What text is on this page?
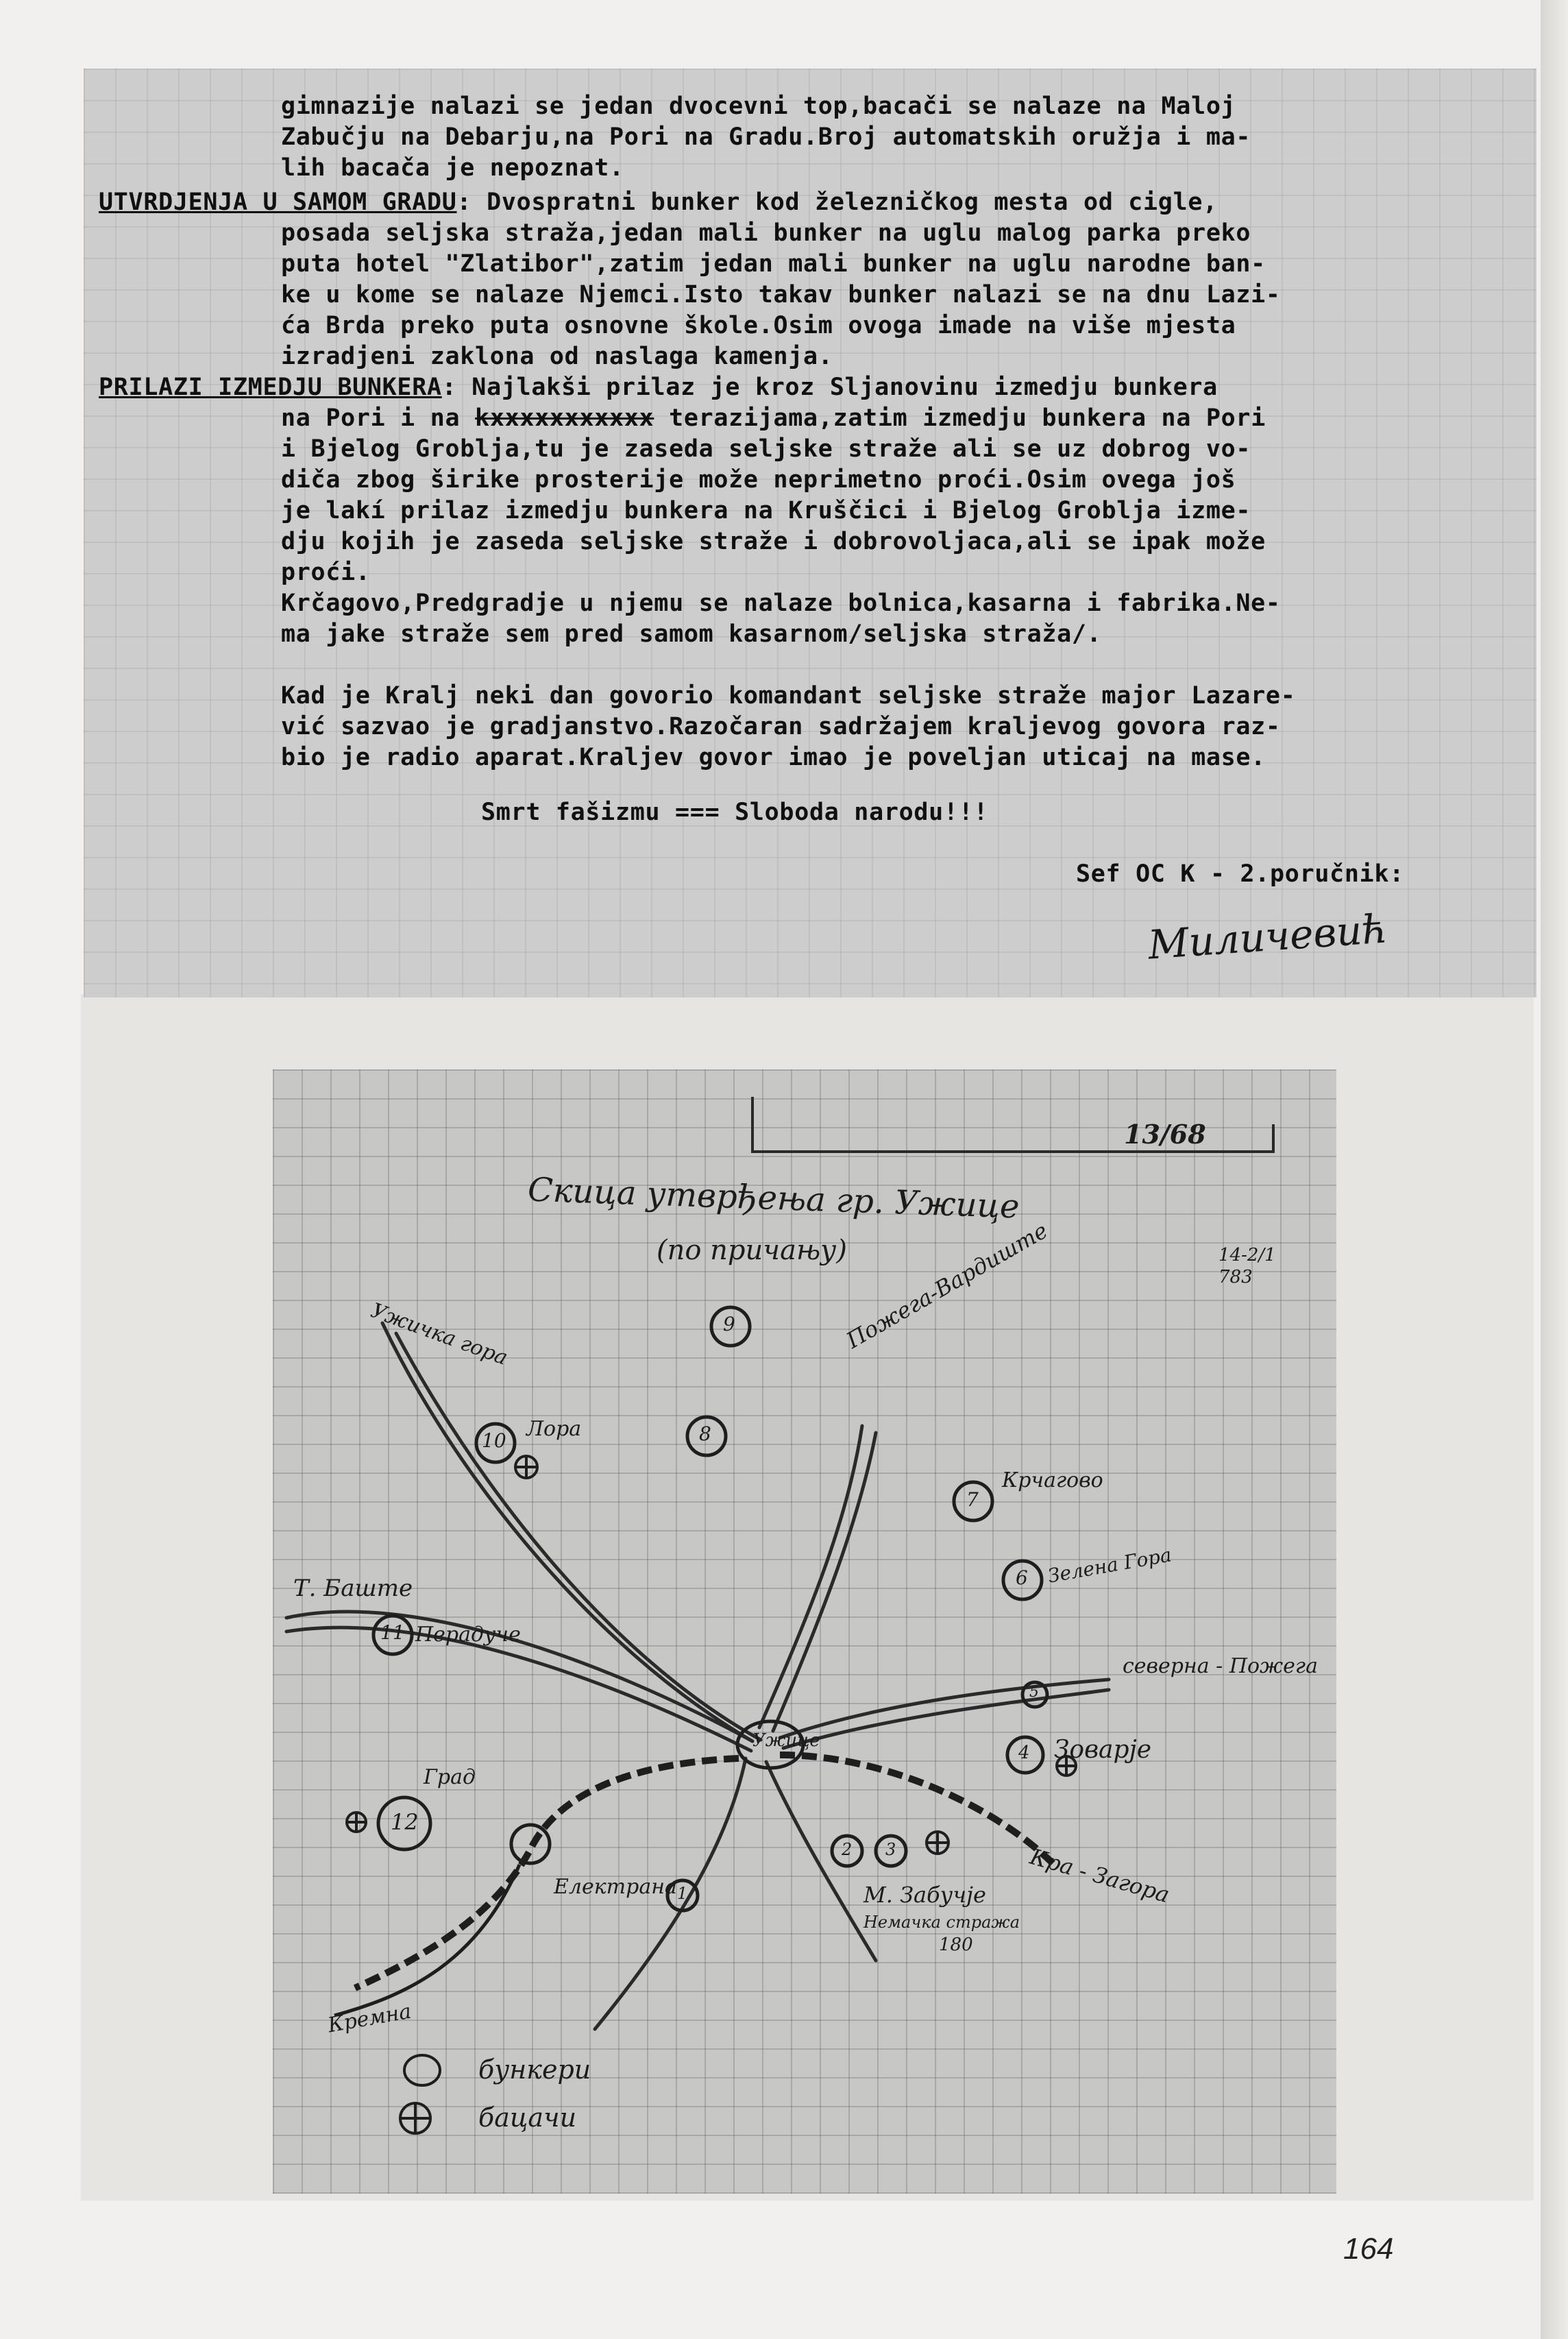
gimnazije nalazi se jedan dvocevni top,bacači se nalaze na Maloj
Zabučju na Debarju,na Pori na Gradu.Broj automatskih oružja i ma-
lih bacača je nepoznat.
UTVRDJENJA U SAMOM GRADU: Dvospratni bunker kod železničkog mesta od cigle,
posada seljska straža,jedan mali bunker na uglu malog parka preko
puta hotel "Zlatibor",zatim jedan mali bunker na uglu narodne ban-
ke u kome se nalaze Njemci.Isto takav bunker nalazi se na dnu Lazi-
ća Brda preko puta osnovne škole.Osim ovoga imade na više mjesta
izradjeni zaklona od naslaga kamenja.
PRILAZI IZMEDJU BUNKERA: Najlakši prilaz je kroz Sljanovinu izmedju bunkera
na Pori i na kxxxxxxxxxxx terazijama,zatim izmedju bunkera na Pori
i Bjelog Groblja,tu je zaseda seljske straže ali se uz dobrog vo-
diča zbog širike prosterije može neprimetno proći.Osim ovega još
je lakí prilaz izmedju bunkera na Kruščici i Bjelog Groblja izme-
dju kojih je zaseda seljske straže i dobrovoljaca,ali se ipak može
proći.
Krčagovo,Predgradje u njemu se nalaze bolnica,kasarna i fabrika.Ne-
ma jake straže sem pred samom kasarnom/seljska straža/.
Kad je Kralj neki dan govorio komandant seljske straže major Lazare-
vić sazvao je gradjanstvo.Razočaran sadržajem kraljevog govora raz-
bio je radio aparat.Kraljev govor imao je poveljan uticaj na mase.
Smrt fašizmu === Sloboda narodu!!!
Sef OC K - 2.poručnik:
Миличевић
13/68
Скица утврђења гр. Ужице
(по причању)	14-2/1
783
Ужице
Пожега-Вардиште
Ужичка гора
Т. Баште
северна - Пожега
Кра - Загора
Кремна
Град
Лора
Перадуче
Крчагово
Зелена Гора
Зоварје
Електрана	М. Забучје
Немачка стража
180
9
10	8
7
6
11
5
4
12
1
2 3
бункери
бацачи
164
